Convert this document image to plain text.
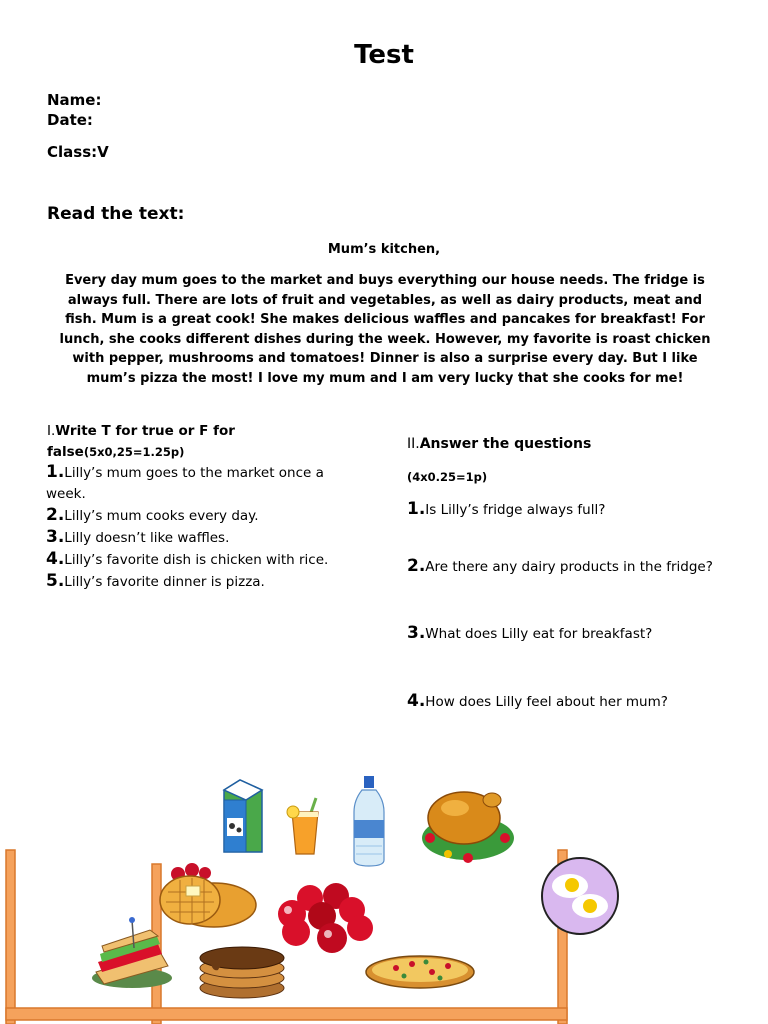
Test
Name:
Date:
Class:V
Read the text:
Mum’s kitchen,
Every day mum goes to the market and buys everything our house needs. The fridge is always full. There are lots of fruit and vegetables, as well as dairy products, meat and fish. Mum is a great cook! She makes delicious waffles and pancakes for breakfast! For lunch, she cooks different dishes during the week. However, my favorite is roast chicken with pepper, mushrooms and tomatoes! Dinner is also a surprise every day. But I like mum’s pizza the most! I love my mum and I am very lucky that she cooks for me!
I.Write T for true or F for false(5x0,25=1.25p)
1.Lilly’s mum goes to the market once a week.
2.Lilly’s mum cooks every day.
3.Lilly doesn’t like waffles.
4.Lilly’s favorite dish is chicken with rice.
5.Lilly’s favorite dinner is pizza.
II.Answer the questions
(4x0.25=1p)
1.Is Lilly’s fridge always full?
2.Are there any dairy products in the fridge?
3.What does Lilly eat for breakfast?
4.How does Lilly feel about her mum?
